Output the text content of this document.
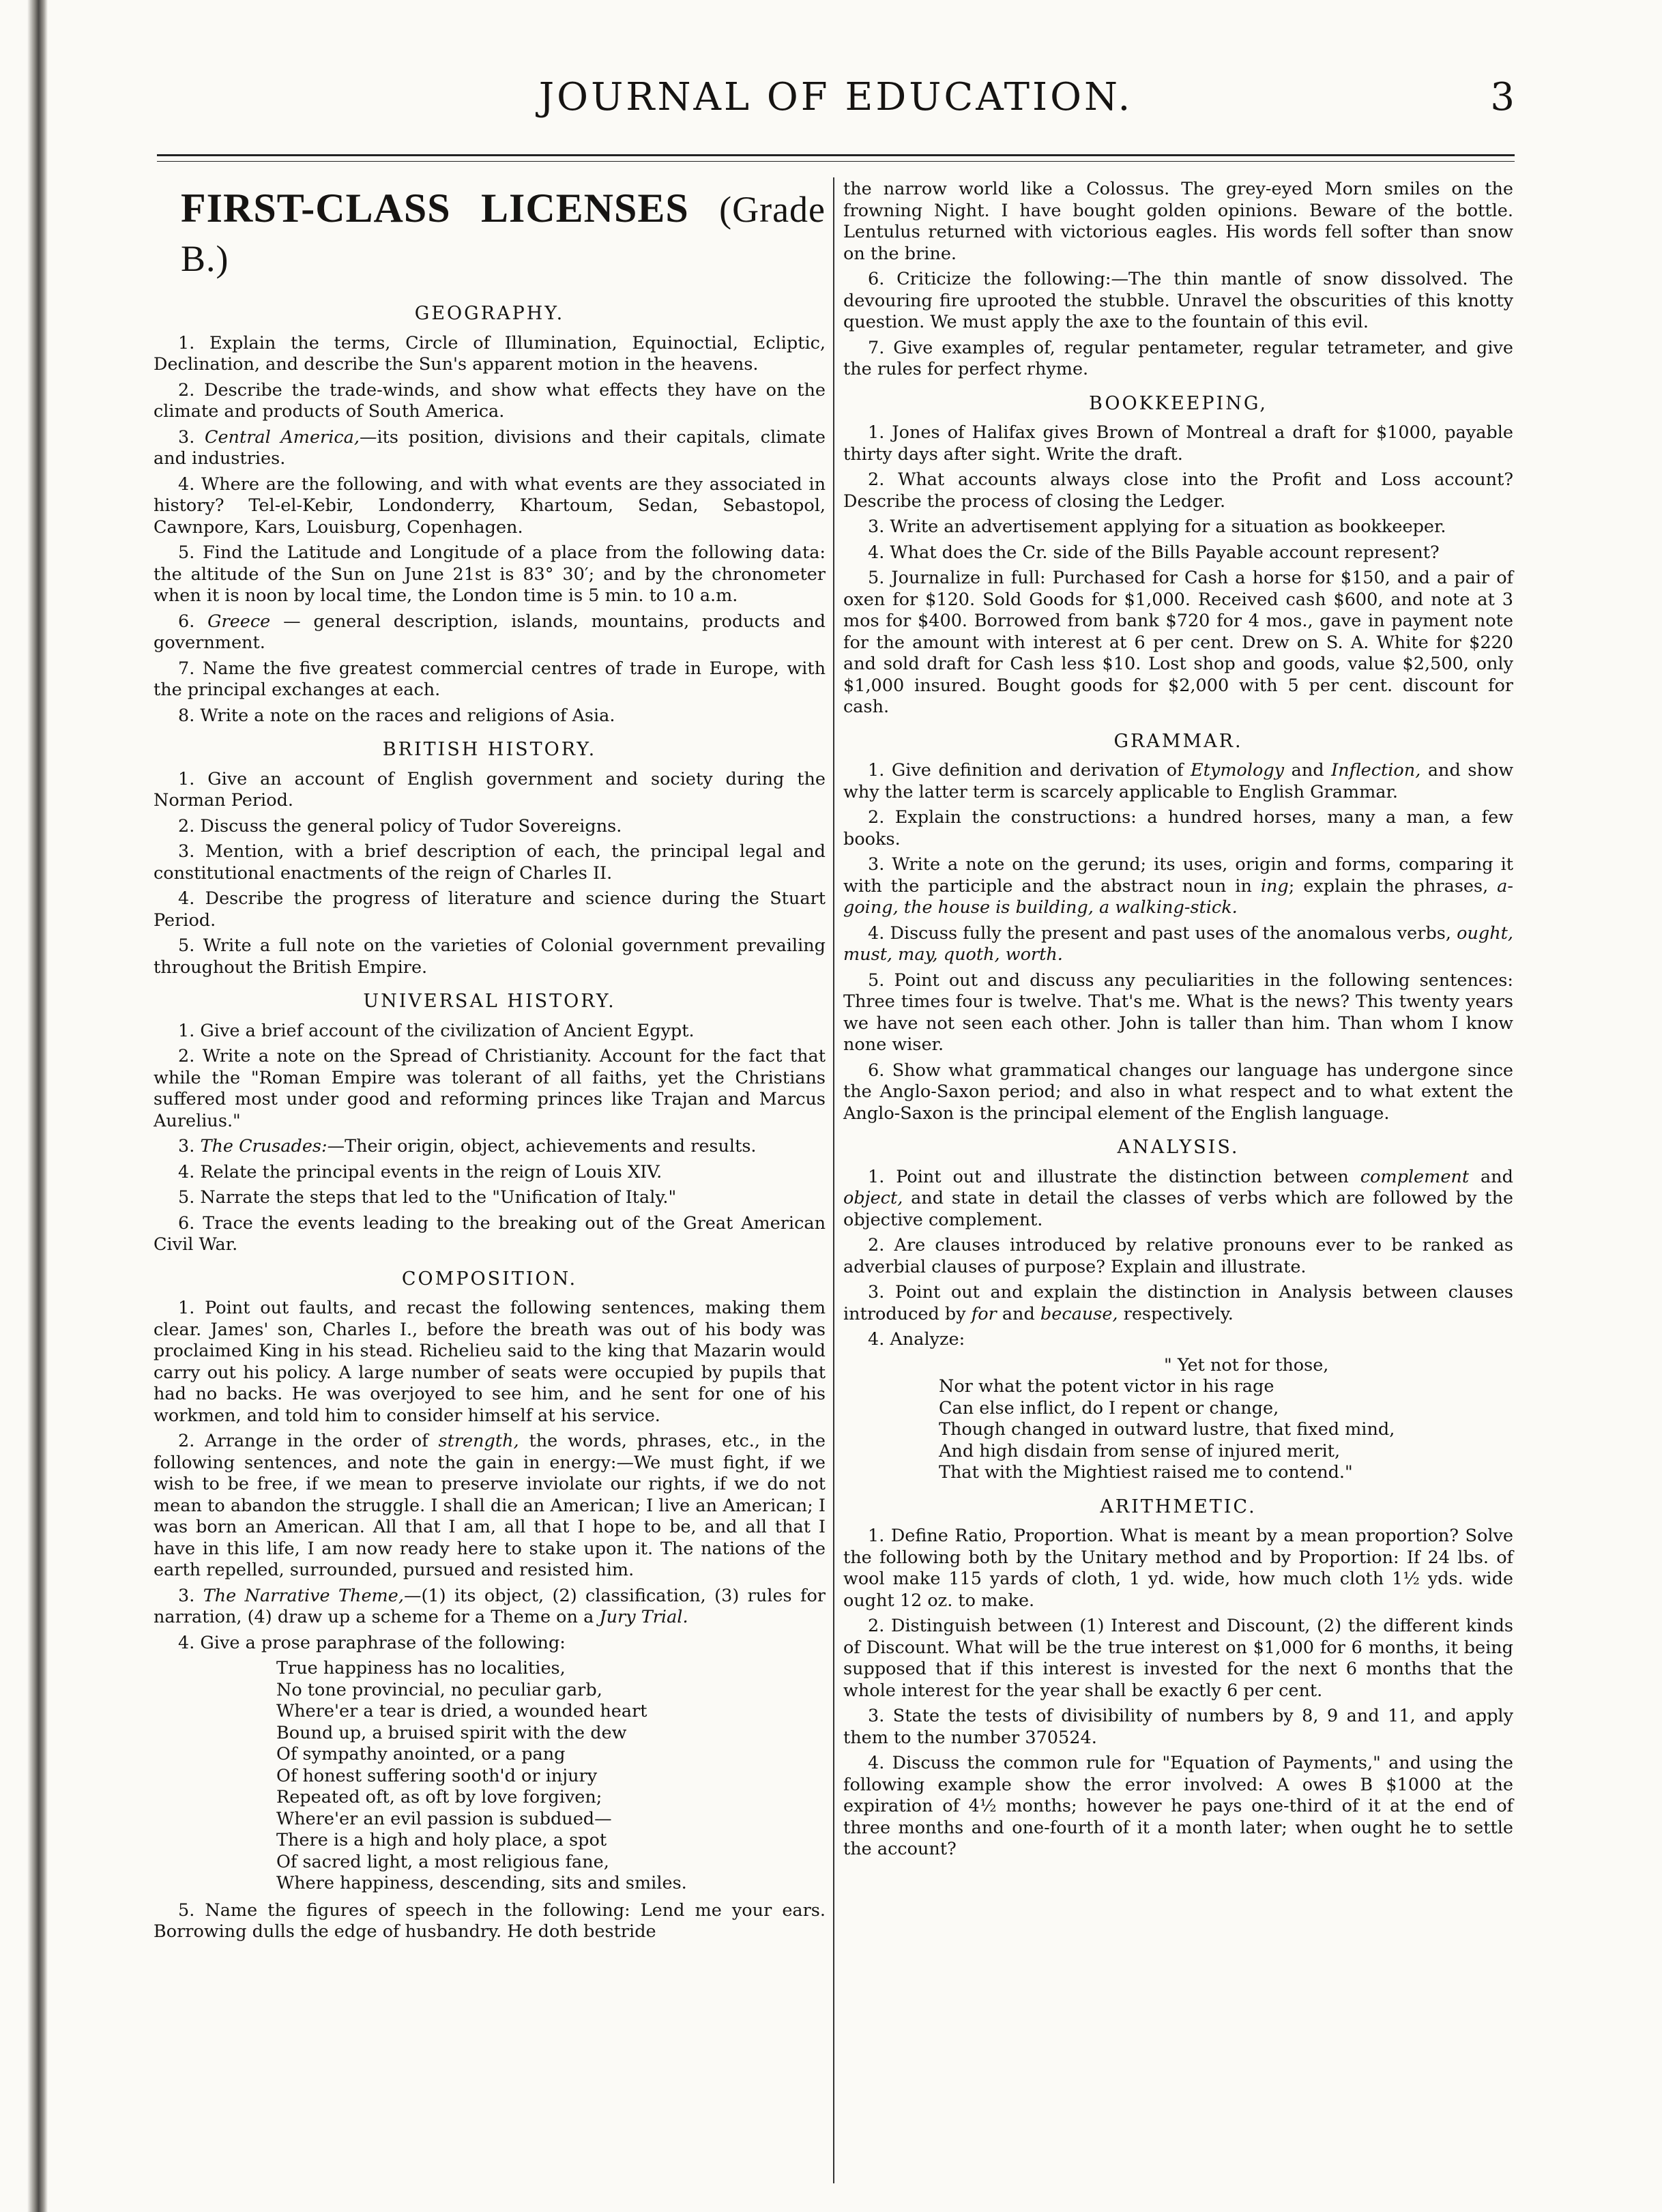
JOURNAL OF EDUCATION.	3
FIRST-CLASS LICENSES (Grade B.)
GEOGRAPHY.

1. Explain the terms, Circle of Illumination, Equinoctial, Ecliptic, Declination, and describe the Sun's apparent motion in the heavens.

2. Describe the trade-winds, and show what effects they have on the climate and products of South America.

3. Central America,—its position, divisions and their capitals, climate and industries.

4. Where are the following, and with what events are they associated in history? Tel-el-Kebir, Londonderry, Khartoum, Sedan, Sebastopol, Cawnpore, Kars, Louisburg, Copenhagen.

5. Find the Latitude and Longitude of a place from the following data: the altitude of the Sun on June 21st is 83° 30′; and by the chronometer when it is noon by local time, the London time is 5 min. to 10 a.m.

6. Greece — general description, islands, mountains, products and government.

7. Name the five greatest commercial centres of trade in Europe, with the principal exchanges at each.

8. Write a note on the races and religions of Asia.

BRITISH HISTORY.

1. Give an account of English government and society during the Norman Period.

2. Discuss the general policy of Tudor Sovereigns.

3. Mention, with a brief description of each, the principal legal and constitutional enactments of the reign of Charles II.

4. Describe the progress of literature and science during the Stuart Period.

5. Write a full note on the varieties of Colonial government prevailing throughout the British Empire.

UNIVERSAL HISTORY.

1. Give a brief account of the civilization of Ancient Egypt.

2. Write a note on the Spread of Christianity. Account for the fact that while the "Roman Empire was tolerant of all faiths, yet the Christians suffered most under good and reforming princes like Trajan and Marcus Aurelius."

3. The Crusades:—Their origin, object, achievements and results.

4. Relate the principal events in the reign of Louis XIV.

5. Narrate the steps that led to the "Unification of Italy."

6. Trace the events leading to the breaking out of the Great American Civil War.

COMPOSITION.

1. Point out faults, and recast the following sentences, making them clear. James' son, Charles I., before the breath was out of his body was proclaimed King in his stead. Richelieu said to the king that Mazarin would carry out his policy. A large number of seats were occupied by pupils that had no backs. He was overjoyed to see him, and he sent for one of his workmen, and told him to consider himself at his service.

2. Arrange in the order of strength, the words, phrases, etc., in the following sentences, and note the gain in energy:—We must fight, if we wish to be free, if we mean to preserve inviolate our rights, if we do not mean to abandon the struggle. I shall die an American; I live an American; I was born an American. All that I am, all that I hope to be, and all that I have in this life, I am now ready here to stake upon it. The nations of the earth repelled, surrounded, pursued and resisted him.

3. The Narrative Theme,—(1) its object, (2) classification, (3) rules for narration, (4) draw up a scheme for a Theme on a Jury Trial.

4. Give a prose paraphrase of the following:

True happiness has no localities,
No tone provincial, no peculiar garb,
Where'er a tear is dried, a wounded heart
Bound up, a bruised spirit with the dew
Of sympathy anointed, or a pang
Of honest suffering sooth'd or injury
Repeated oft, as oft by love forgiven;
Where'er an evil passion is subdued—
There is a high and holy place, a spot
Of sacred light, a most religious fane,
Where happiness, descending, sits and smiles.

5. Name the figures of speech in the following: Lend me your ears. Borrowing dulls the edge of husbandry. He doth bestride

the narrow world like a Colossus. The grey-eyed Morn smiles on the frowning Night. I have bought golden opinions. Beware of the bottle. Lentulus returned with victorious eagles. His words fell softer than snow on the brine.

6. Criticize the following:—The thin mantle of snow dissolved. The devouring fire uprooted the stubble. Unravel the obscurities of this knotty question. We must apply the axe to the fountain of this evil.

7. Give examples of, regular pentameter, regular tetrameter, and give the rules for perfect rhyme.

BOOKKEEPING,

1. Jones of Halifax gives Brown of Montreal a draft for $1000, payable thirty days after sight. Write the draft.

2. What accounts always close into the Profit and Loss account? Describe the process of closing the Ledger.

3. Write an advertisement applying for a situation as bookkeeper.

4. What does the Cr. side of the Bills Payable account represent?

5. Journalize in full: Purchased for Cash a horse for $150, and a pair of oxen for $120. Sold Goods for $1,000. Received cash $600, and note at 3 mos for $400. Borrowed from bank $720 for 4 mos., gave in payment note for the amount with interest at 6 per cent. Drew on S. A. White for $220 and sold draft for Cash less $10. Lost shop and goods, value $2,500, only $1,000 insured. Bought goods for $2,000 with 5 per cent. discount for cash.

GRAMMAR.

1. Give definition and derivation of Etymology and Inflection, and show why the latter term is scarcely applicable to English Grammar.

2. Explain the constructions: a hundred horses, many a man, a few books.

3. Write a note on the gerund; its uses, origin and forms, comparing it with the participle and the abstract noun in ing; explain the phrases, a-going, the house is building, a walking-stick.

4. Discuss fully the present and past uses of the anomalous verbs, ought, must, may, quoth, worth.

5. Point out and discuss any peculiarities in the following sentences: Three times four is twelve. That's me. What is the news? This twenty years we have not seen each other. John is taller than him. Than whom I know none wiser.

6. Show what grammatical changes our language has undergone since the Anglo-Saxon period; and also in what respect and to what extent the Anglo-Saxon is the principal element of the English language.

ANALYSIS.

1. Point out and illustrate the distinction between complement and object, and state in detail the classes of verbs which are followed by the objective complement.

2. Are clauses introduced by relative pronouns ever to be ranked as adverbial clauses of purpose? Explain and illustrate.

3. Point out and explain the distinction in Analysis between clauses introduced by for and because, respectively.

4. Analyze:

" Yet not for those,
Nor what the potent victor in his rage
Can else inflict, do I repent or change,
Though changed in outward lustre, that fixed mind,
And high disdain from sense of injured merit,
That with the Mightiest raised me to contend."
ARITHMETIC.

1. Define Ratio, Proportion. What is meant by a mean proportion? Solve the following both by the Unitary method and by Proportion: If 24 lbs. of wool make 115 yards of cloth, 1 yd. wide, how much cloth 1½ yds. wide ought 12 oz. to make.

2. Distinguish between (1) Interest and Discount, (2) the different kinds of Discount. What will be the true interest on $1,000 for 6 months, it being supposed that if this interest is invested for the next 6 months that the whole interest for the year shall be exactly 6 per cent.

3. State the tests of divisibility of numbers by 8, 9 and 11, and apply them to the number 370524.

4. Discuss the common rule for "Equation of Payments," and using the following example show the error involved: A owes B $1000 at the expiration of 4½ months; however he pays one-third of it at the end of three months and one-fourth of it a month later; when ought he to settle the account?
